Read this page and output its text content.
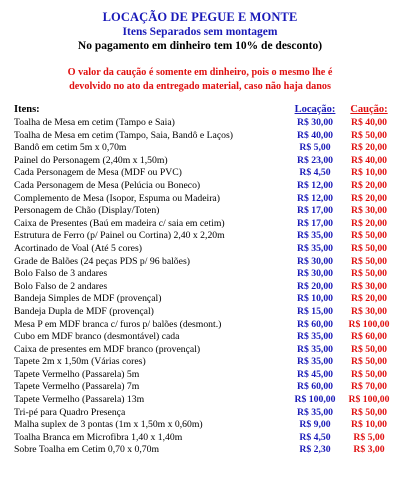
LOCAÇÃO DE PEGUE E MONTE
Itens Separados sem montagem
No pagamento em dinheiro tem 10% de desconto)
O valor da caução é somente em dinheiro, pois o mesmo lhe é
devolvido no ato da entregado material, caso não haja danos
Itens:	Locação:	Caução:
Toalha de Mesa em cetim (Tampo e Saia)	R$ 30,00	R$ 40,00
Toalha de Mesa em cetim (Tampo, Saia, Bandô e Laços)	R$ 40,00	R$ 50,00
Bandô em cetim 5m x 0,70m	R$ 5,00	R$ 20,00
Painel do Personagem (2,40m x 1,50m)	R$ 23,00	R$ 40,00
Cada Personagem de Mesa (MDF ou PVC)	R$ 4,50	R$ 10,00
Cada Personagem de Mesa (Pelúcia ou Boneco)	R$ 12,00	R$ 20,00
Complemento de Mesa (Isopor, Espuma ou Madeira)	R$ 12,00	R$ 20,00
Personagem de Chão (Display/Toten)	R$ 17,00	R$ 30,00
Caixa de Presentes (Baú em madeira c/ saia em cetim)	R$ 17,00	R$ 20,00
Estrutura de Ferro (p/ Painel ou Cortina) 2,40 x 2,20m	R$ 35,00	R$ 50,00
Acortinado de Voal (Até 5 cores)	R$ 35,00	R$ 50,00
Grade de Balões (24 peças PDS p/ 96 balões)	R$ 30,00	R$ 50,00
Bolo Falso de 3 andares	R$ 30,00	R$ 50,00
Bolo Falso de 2 andares	R$ 20,00	R$ 30,00
Bandeja Simples de MDF (provençal)	R$ 10,00	R$ 20,00
Bandeja Dupla de MDF (provençal)	R$ 15,00	R$ 30,00
Mesa P em MDF branca c/ furos p/ balões (desmont.)	R$ 60,00	R$ 100,00
Cubo em MDF branco (desmontável) cada	R$ 35,00	R$ 60,00
Caixa de presentes em MDF branco (provençal)	R$ 35,00	R$ 50,00
Tapete 2m x 1,50m (Várias cores)	R$ 35,00	R$ 50,00
Tapete Vermelho (Passarela) 5m	R$ 45,00	R$ 50,00
Tapete Vermelho (Passarela) 7m	R$ 60,00	R$ 70,00
Tapete Vermelho (Passarela) 13m	R$ 100,00	R$ 100,00
Tri-pé para Quadro Presença	R$ 35,00	R$ 50,00
Malha suplex de 3 pontas (1m x 1,50m x 0,60m)	R$ 9,00	R$ 10,00
Toalha Branca em Microfibra 1,40 x 1,40m	R$ 4,50	R$ 5,00
Sobre Toalha em Cetim 0,70 x 0,70m	R$ 2,30	R$ 3,00
